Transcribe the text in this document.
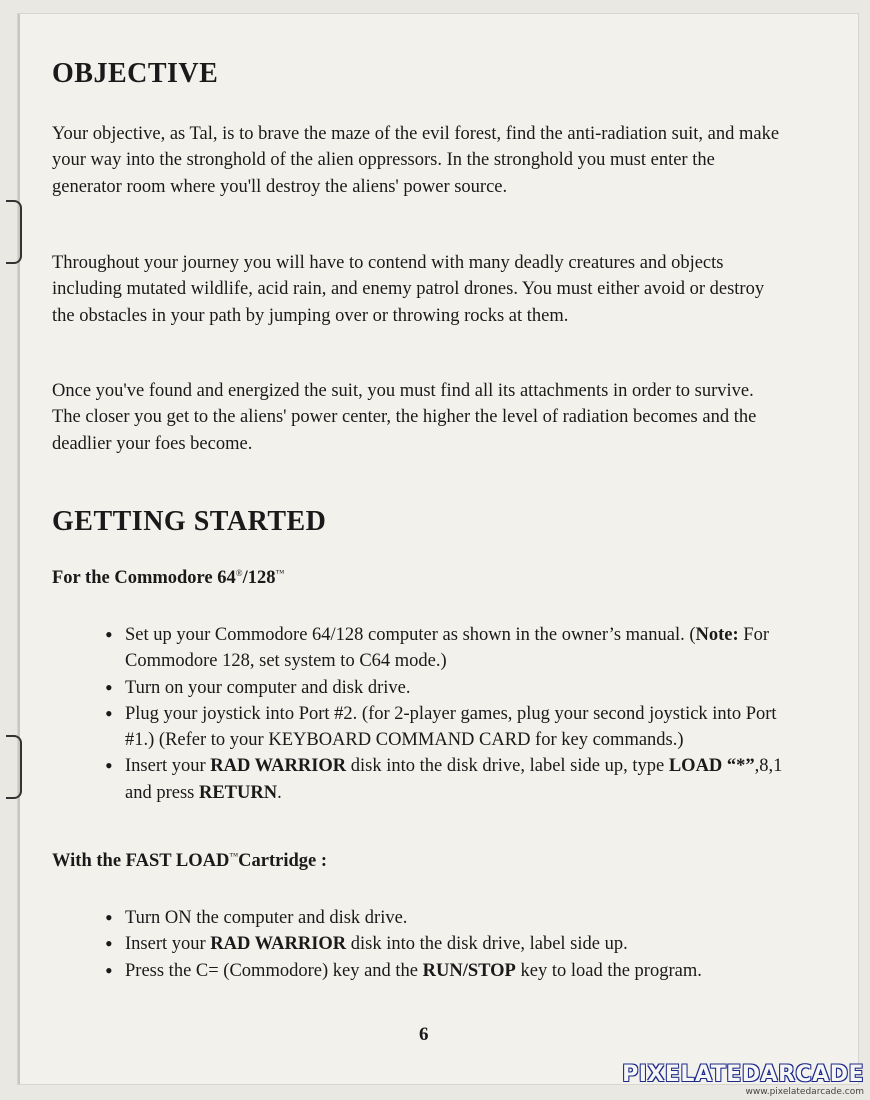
OBJECTIVE

Your objective, as Tal, is to brave the maze of the evil forest, find the anti-radiation suit, and make your way into the stronghold of the alien oppressors. In the stronghold you must enter the generator room where you'll destroy the aliens' power source.

Throughout your journey you will have to contend with many deadly creatures and objects including mutated wildlife, acid rain, and enemy patrol drones. You must either avoid or destroy the obstacles in your path by jumping over or throwing rocks at them.

Once you've found and energized the suit, you must find all its attachments in order to survive. The closer you get to the aliens' power center, the higher the level of radiation becomes and the deadlier your foes become.

GETTING STARTED

For the Commodore 64®/128™

• Set up your Commodore 64/128 computer as shown in the owner’s manual. (Note: For Commodore 128, set system to C64 mode.)
• Turn on your computer and disk drive.
• Plug your joystick into Port #2. (for 2-player games, plug your second joystick into Port #1.) (Refer to your KEYBOARD COMMAND CARD for key commands.)
• Insert your RAD WARRIOR disk into the disk drive, label side up, type LOAD “*”,8,1 and press RETURN.

With the FAST LOAD™Cartridge :

• Turn ON the computer and disk drive.
• Insert your RAD WARRIOR disk into the disk drive, label side up.
• Press the C= (Commodore) key and the RUN/STOP key to load the program.
6
PIXELATEDARCADE
www.pixelatedarcade.com
